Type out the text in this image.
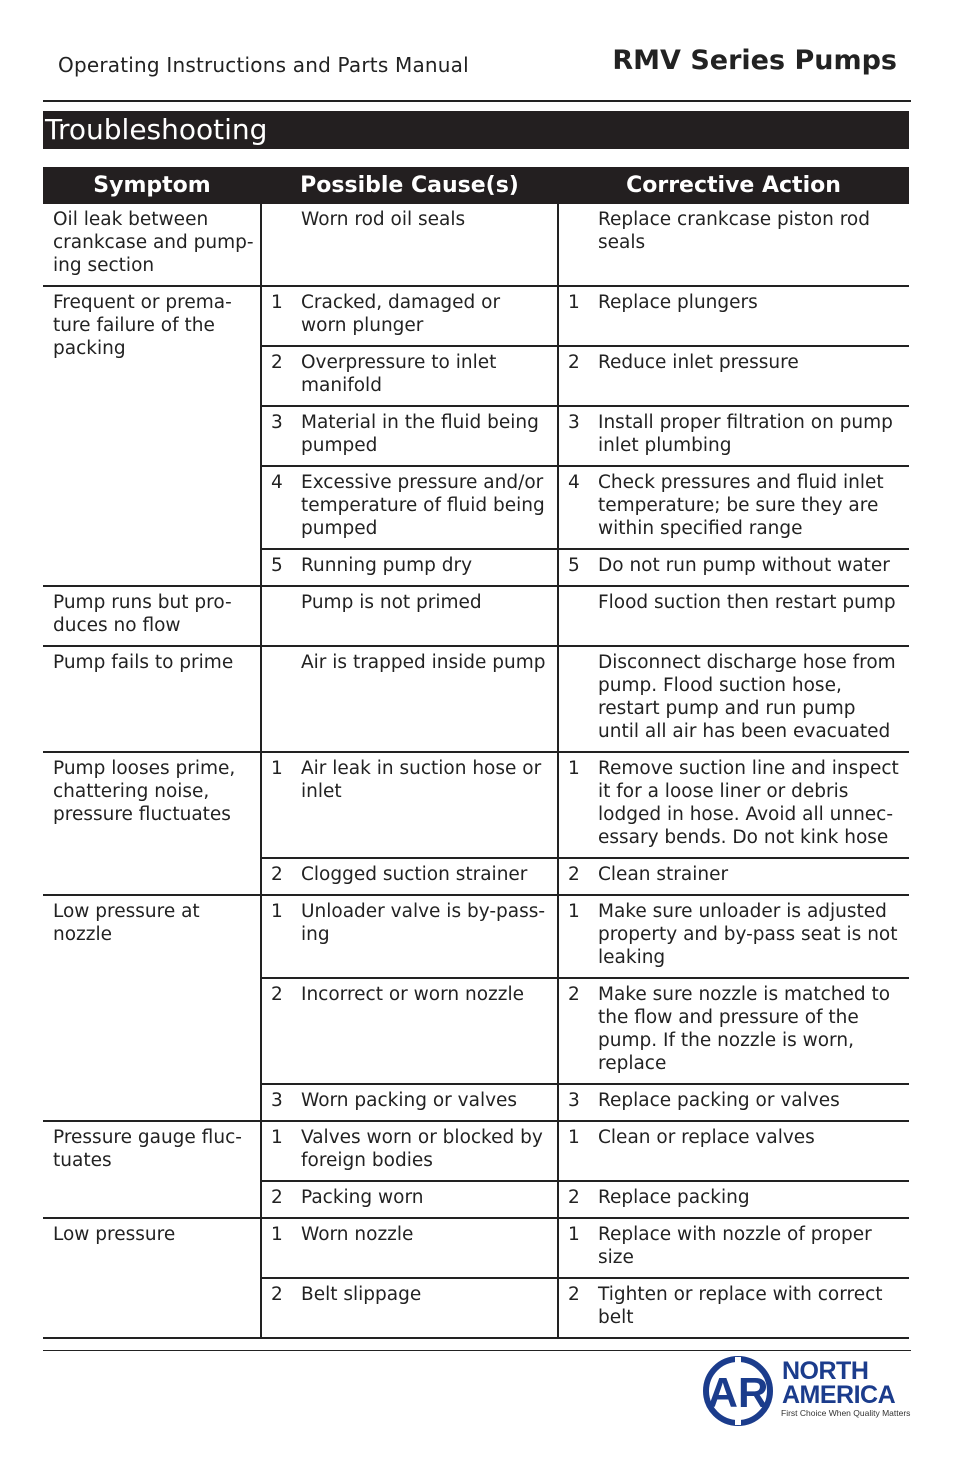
Operating Instructions and Parts Manual	RMV Series Pumps
Troubleshooting
Symptom	Possible Cause(s)	Corrective Action
Oil leak between crankcase and pump-ing section	Worn rod oil seals	Replace crankcase piston rod seals

Frequent or prema-ture failure of the packing	1 Cracked, damaged or worn plunger	1 Replace plungers

	2 Overpressure to inlet manifold	2 Reduce inlet pressure

	3 Material in the fluid being pumped	3 Install proper filtration on pump inlet plumbing

	4 Excessive pressure and/or temperature of fluid being pumped	4 Check pressures and fluid inlet temperature; be sure they are within specified range

	5 Running pump dry	5 Do not run pump without water

Pump runs but pro-duces no flow	Pump is not primed	Flood suction then restart pump

Pump fails to prime	Air is trapped inside pump	Disconnect discharge hose from pump. Flood suction hose, restart pump and run pump until all air has been evacuated

Pump looses prime, chattering noise, pressure fluctuates	1 Air leak in suction hose or inlet	1 Remove suction line and inspect it for a loose liner or debris lodged in hose. Avoid all unnec-essary bends. Do not kink hose

	2 Clogged suction strainer	2 Clean strainer

Low pressure at nozzle	1 Unloader valve is by-pass-ing	1 Make sure unloader is adjusted property and by-pass seat is not leaking

	2 Incorrect or worn nozzle	2 Make sure nozzle is matched to the flow and pressure of the pump. If the nozzle is worn, replace

	3 Worn packing or valves	3 Replace packing or valves

Pressure gauge fluc-tuates	1 Valves worn or blocked by foreign bodies	1 Clean or replace valves

	2 Packing worn	2 Replace packing

Low pressure	1 Worn nozzle	1 Replace with nozzle of proper size

	2 Belt slippage	2 Tighten or replace with correct belt
AR NORTH
AMERICA
First Choice When Quality Matters
